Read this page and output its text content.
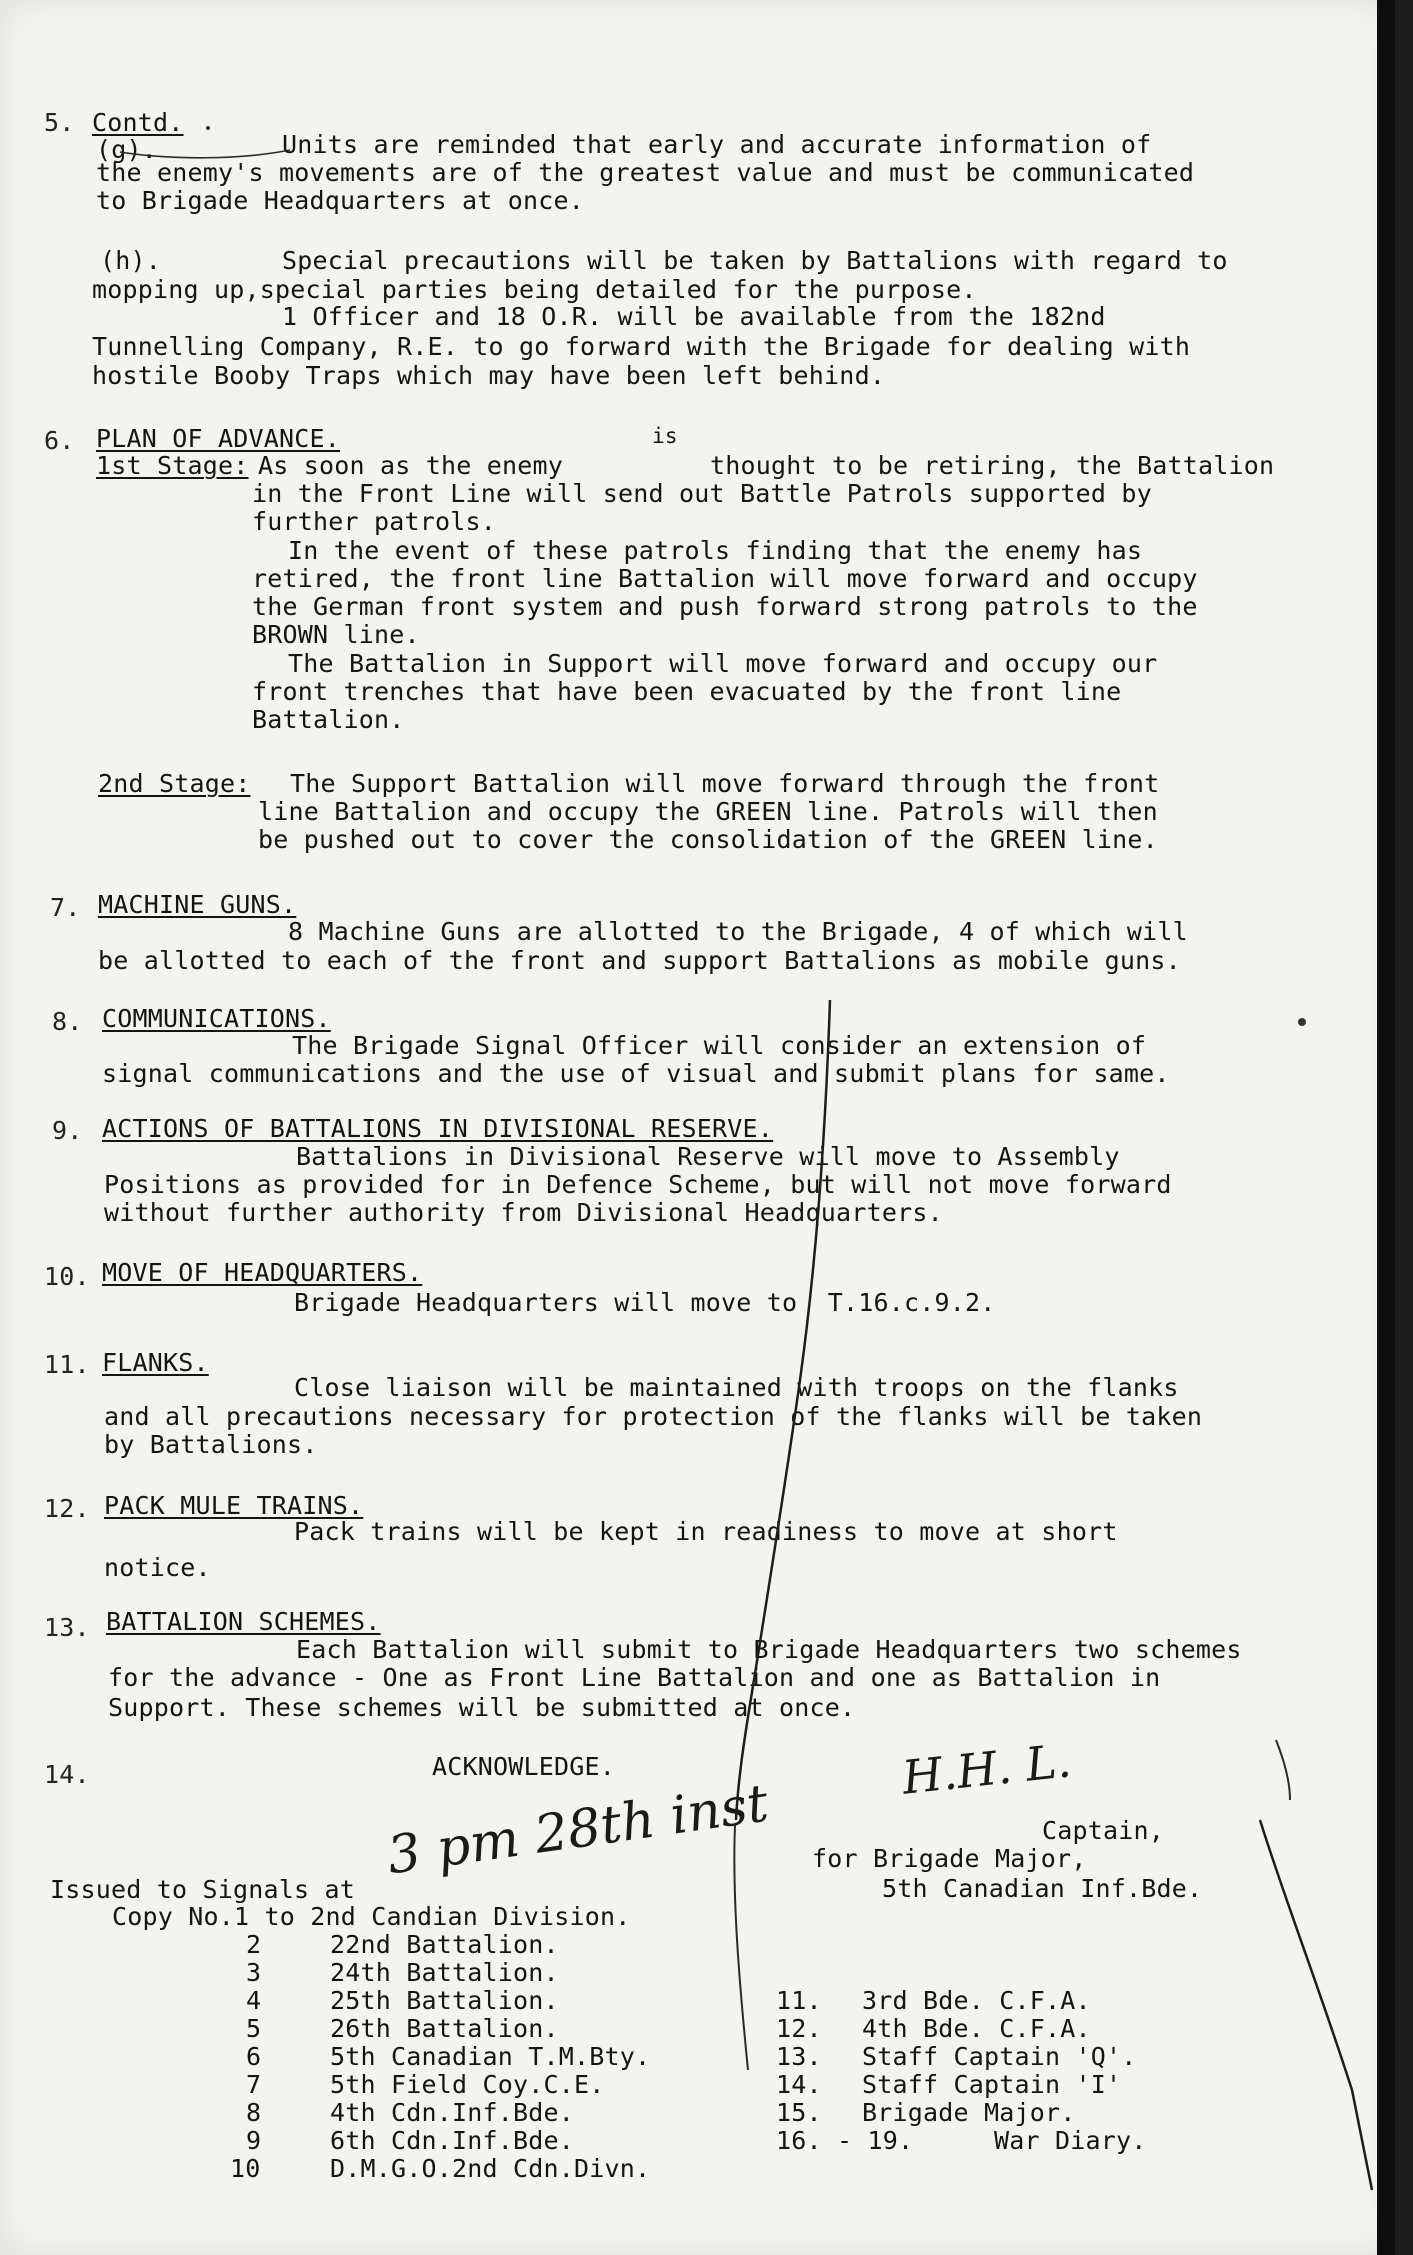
5. Contd.
(g).	Units are reminded that early and accurate information of
the enemy's movements are of the greatest value and must be communicated
to Brigade Headquarters at once.
(h).	Special precautions will be taken by Battalions with regard to
mopping up,special parties being detailed for the purpose.
1 Officer and 18 O.R. will be available from the 182nd
Tunnelling Company, R.E. to go forward with the Brigade for dealing with
hostile Booby Traps which may have been left behind.
6. PLAN OF ADVANCE.	is
1st Stage: As soon as the enemy	thought to be retiring, the Battalion
in the Front Line will send out Battle Patrols supported by
further patrols.
In the event of these patrols finding that the enemy has
retired, the front line Battalion will move forward and occupy
the German front system and push forward strong patrols to the
BROWN line.
The Battalion in Support will move forward and occupy our
front trenches that have been evacuated by the front line
Battalion.
2nd Stage: The Support Battalion will move forward through the front
line Battalion and occupy the GREEN line. Patrols will then
be pushed out to cover the consolidation of the GREEN line.
7. MACHINE GUNS.
8 Machine Guns are allotted to the Brigade, 4 of which will
be allotted to each of the front and support Battalions as mobile guns.
8. COMMUNICATIONS.
The Brigade Signal Officer will consider an extension of
signal communications and the use of visual and submit plans for same.
9. ACTIONS OF BATTALIONS IN DIVISIONAL RESERVE.
Battalions in Divisional Reserve will move to Assembly
Positions as provided for in Defence Scheme, but will not move forward
without further authority from Divisional Headquarters.
10. MOVE OF HEADQUARTERS.
Brigade Headquarters will move to  T.16.c.9.2.
11. FLANKS.
Close liaison will be maintained with troops on the flanks
and all precautions necessary for protection of the flanks will be taken
by Battalions.
12. PACK MULE TRAINS.
Pack trains will be kept in readiness to move at short
notice.
13. BATTALION SCHEMES.
Each Battalion will submit to Brigade Headquarters two schemes
for the advance - One as Front Line Battalion and one as Battalion in
Support. These schemes will be submitted at once.
14.	ACKNOWLEDGE.	H.H. L.
Captain,
for Brigade Major,
5th Canadian Inf.Bde.
Issued to Signals at
3 pm 28th inst
Copy No.1 to 2nd Candian Division.
2	22nd Battalion.
3	24th Battalion.
4	25th Battalion.
5	26th Battalion.
6	5th Canadian T.M.Bty.
7	5th Field Coy.C.E.
8	4th Cdn.Inf.Bde.
9	6th Cdn.Inf.Bde.
10	D.M.G.O.2nd Cdn.Divn.
11. 3rd Bde. C.F.A.
12. 4th Bde. C.F.A.
13. Staff Captain 'Q'.
14. Staff Captain 'I'
15. Brigade Major.
16. - 19.	War Diary.
